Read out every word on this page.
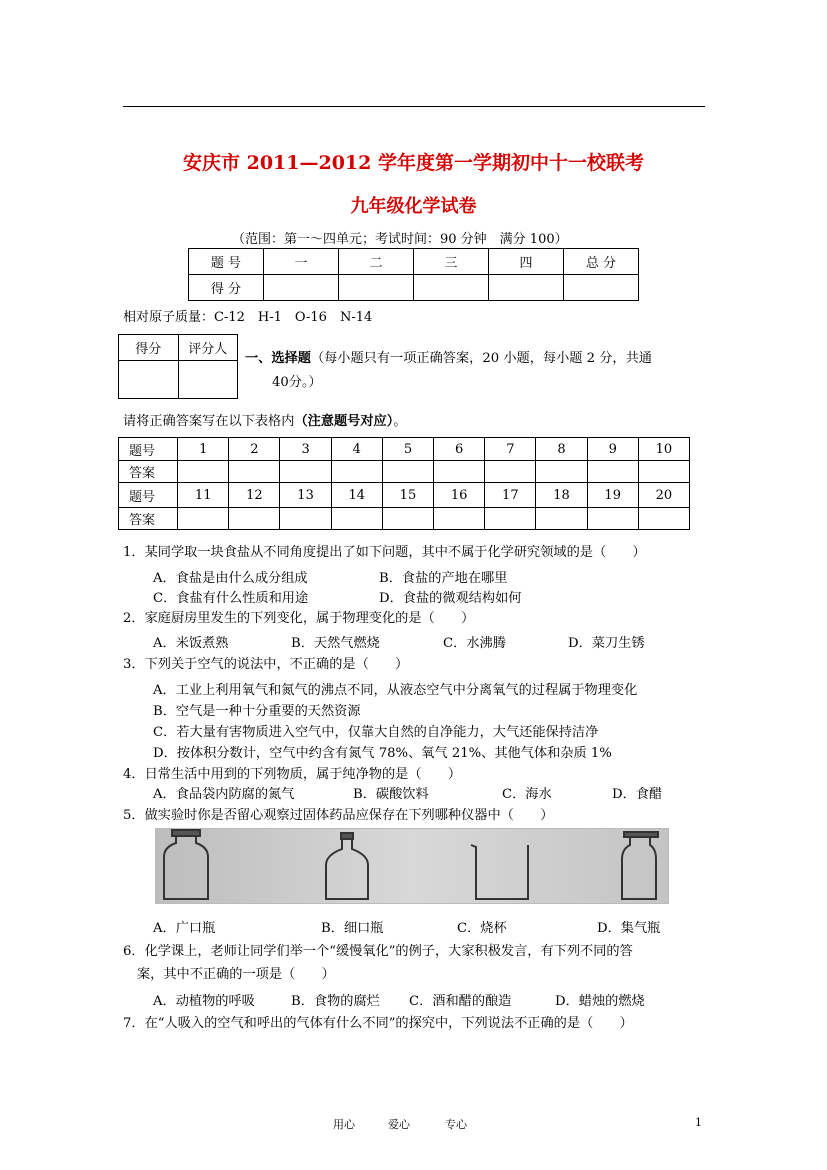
安庆市 2011—2012 学年度第一学期初中十一校联考
九年级化学试卷
（范围：第一～四单元；考试时间：90 分钟　满分 100）
题 号	一	二	三	四	总 分
得 分					
相对原子质量：C-12　H-1　O-16　N-14
得分	评分人

一、选择题（每小题只有一项正确答案，20 小题，每小题 2 分，共通
40分。）
请将正确答案写在以下表格内（注意题号对应）。
题号	1	2	3	4	5	6	7	8	9	10
答案										
题号	11	12	13	14	15	16	17	18	19	20
答案										
1．某同学取一块食盐从不同角度提出了如下问题，其中不属于化学研究领域的是（　　）
A．食盐是由什么成分组成	B．食盐的产地在哪里
C．食盐有什么性质和用途	D．食盐的微观结构如何
2．家庭厨房里发生的下列变化，属于物理变化的是（　　）
A．米饭煮熟	B．天然气燃烧	C．水沸腾	D．菜刀生锈
3．下列关于空气的说法中，不正确的是（　　）
A．工业上利用氧气和氮气的沸点不同，从液态空气中分离氧气的过程属于物理变化
B．空气是一种十分重要的天然资源
C．若大量有害物质进入空气中，仅靠大自然的自净能力，大气还能保持洁净
D．按体积分数计，空气中约含有氮气 78%、氧气 21%、其他气体和杂质 1%
4．日常生活中用到的下列物质，属于纯净物的是（　　）
A．食品袋内防腐的氮气	B．碳酸饮料	C．海水	D．食醋
5．做实验时你是否留心观察过固体药品应保存在下列哪种仪器中（　　）
A．广口瓶	B．细口瓶	C．烧杯	D．集气瓶
6．化学课上，老师让同学们举一个“缓慢氧化”的例子，大家积极发言，有下列不同的答
案，其中不正确的一项是（　　）
A．动植物的呼吸	B．食物的腐烂 C．酒和醋的酿造	D．蜡烛的燃烧
7．在“人吸入的空气和呼出的气体有什么不同”的探究中，下列说法不正确的是（　　）
用心	爱心	专心	1
